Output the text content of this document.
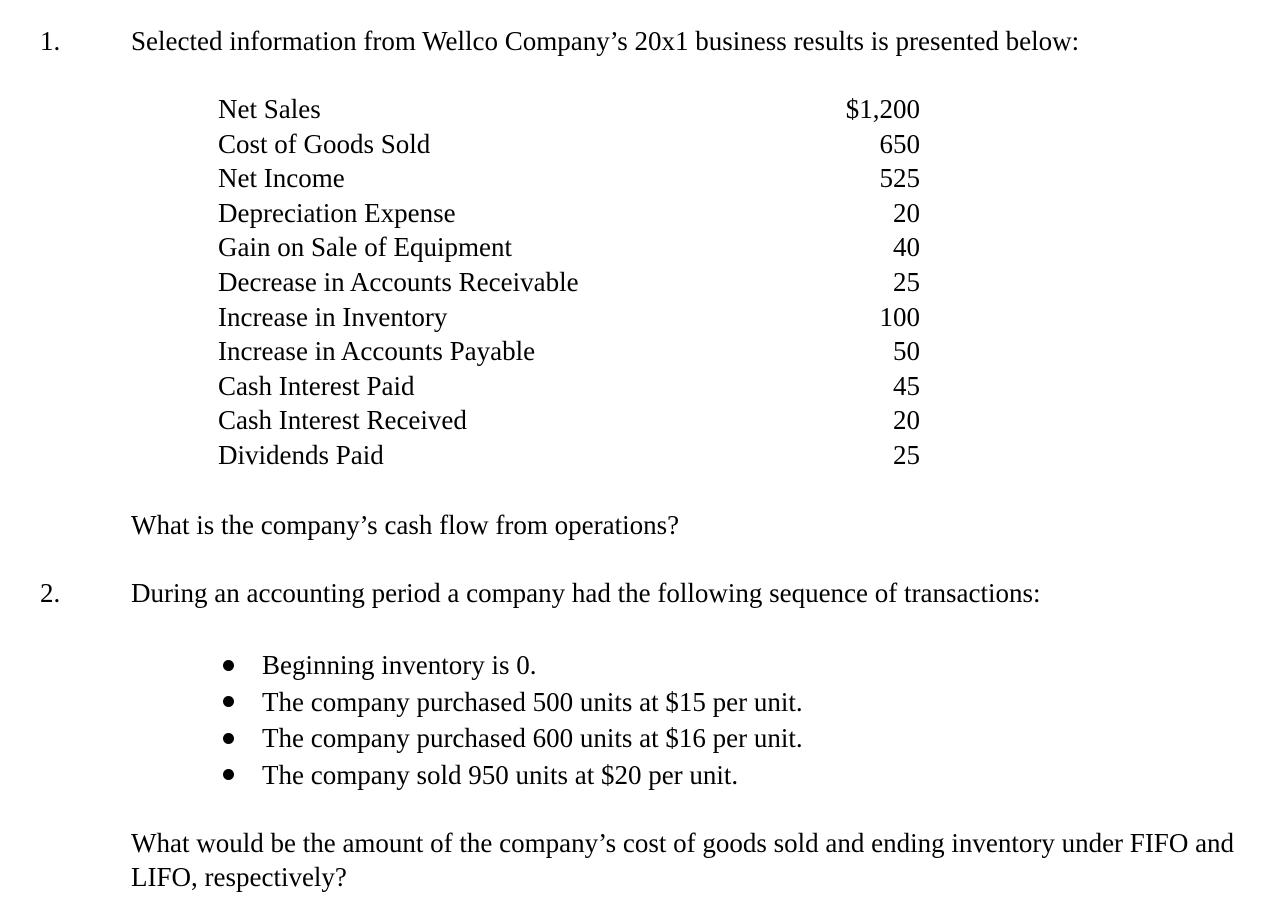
1.	Selected information from Wellco Company’s 20x1 business results is presented below:
Net Sales	$1,200
Cost of Goods Sold	650
Net Income	525
Depreciation Expense	20
Gain on Sale of Equipment	40
Decrease in Accounts Receivable	25
Increase in Inventory	100
Increase in Accounts Payable	50
Cash Interest Paid	45
Cash Interest Received	20
Dividends Paid	25
What is the company’s cash flow from operations?
2.	During an accounting period a company had the following sequence of transactions:
Beginning inventory is 0.
The company purchased 500 units at $15 per unit.
The company purchased 600 units at $16 per unit.
The company sold 950 units at $20 per unit.
What would be the amount of the company’s cost of goods sold and ending inventory under FIFO and LIFO, respectively?
